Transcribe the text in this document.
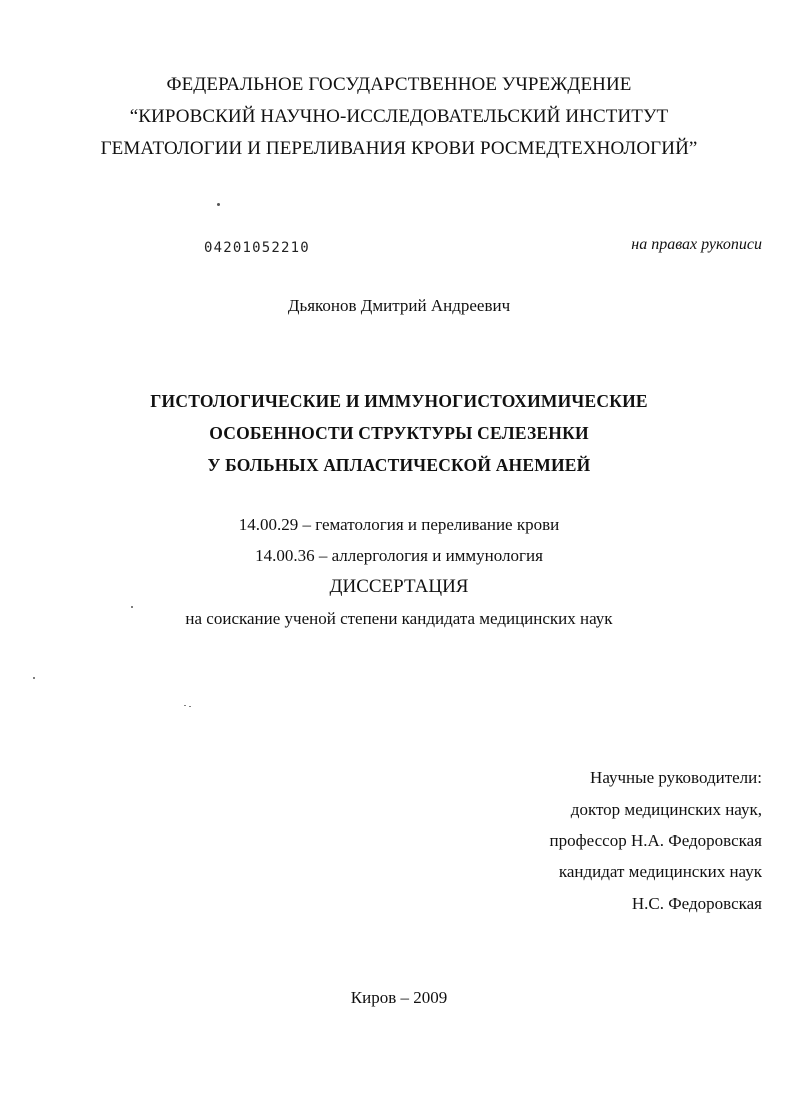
ФЕДЕРАЛЬНОЕ ГОСУДАРСТВЕННОЕ УЧРЕЖДЕНИЕ
“КИРОВСКИЙ НАУЧНО-ИССЛЕДОВАТЕЛЬСКИЙ ИНСТИТУТ
ГЕМАТОЛОГИИ И ПЕРЕЛИВАНИЯ КРОВИ РОСМЕДТЕХНОЛОГИЙ”
04201052210	на правах рукописи
Дьяконов Дмитрий Андреевич
ГИСТОЛОГИЧЕСКИЕ И ИММУНОГИСТОХИМИЧЕСКИЕ
ОСОБЕННОСТИ СТРУКТУРЫ СЕЛЕЗЕНКИ
У БОЛЬНЫХ АПЛАСТИЧЕСКОЙ АНЕМИЕЙ
14.00.29 – гематология и переливание крови
14.00.36 – аллергология и иммунология
ДИССЕРТАЦИЯ
на соискание ученой степени кандидата медицинских наук
Научные руководители:
доктор медицинских наук,
профессор Н.А. Федоровская
кандидат медицинских наук
Н.С. Федоровская
Киров – 2009
